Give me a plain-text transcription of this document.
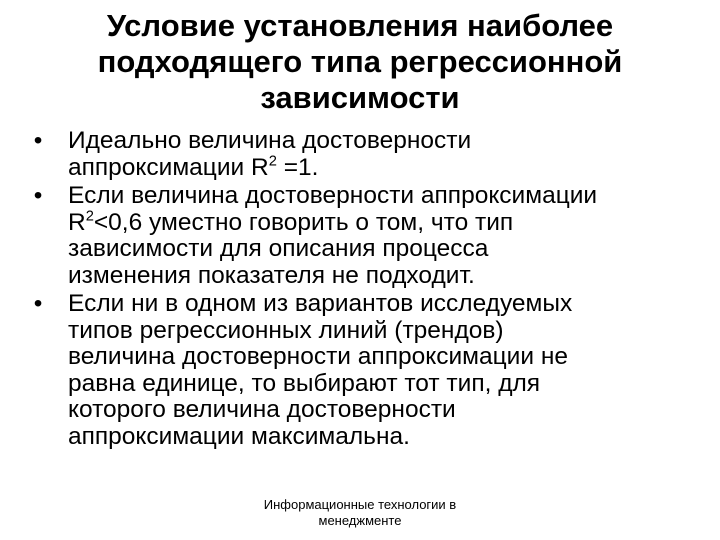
Условие установления наиболее
подходящего типа регрессионной
зависимости
• Идеально величина достоверности
аппроксимации $R^2 =1$.
• Если величина достоверности аппроксимации
$R^2<0,6$ уместно говорить о том, что тип
зависимости для описания процесса
изменения показателя не подходит.
• Если ни в одном из вариантов исследуемых
типов регрессионных линий (трендов)
величина достоверности аппроксимации не
равна единице, то выбирают тот тип, для
которого величина достоверности
аппроксимации максимальна.
Информационные технологии в
менеджменте
